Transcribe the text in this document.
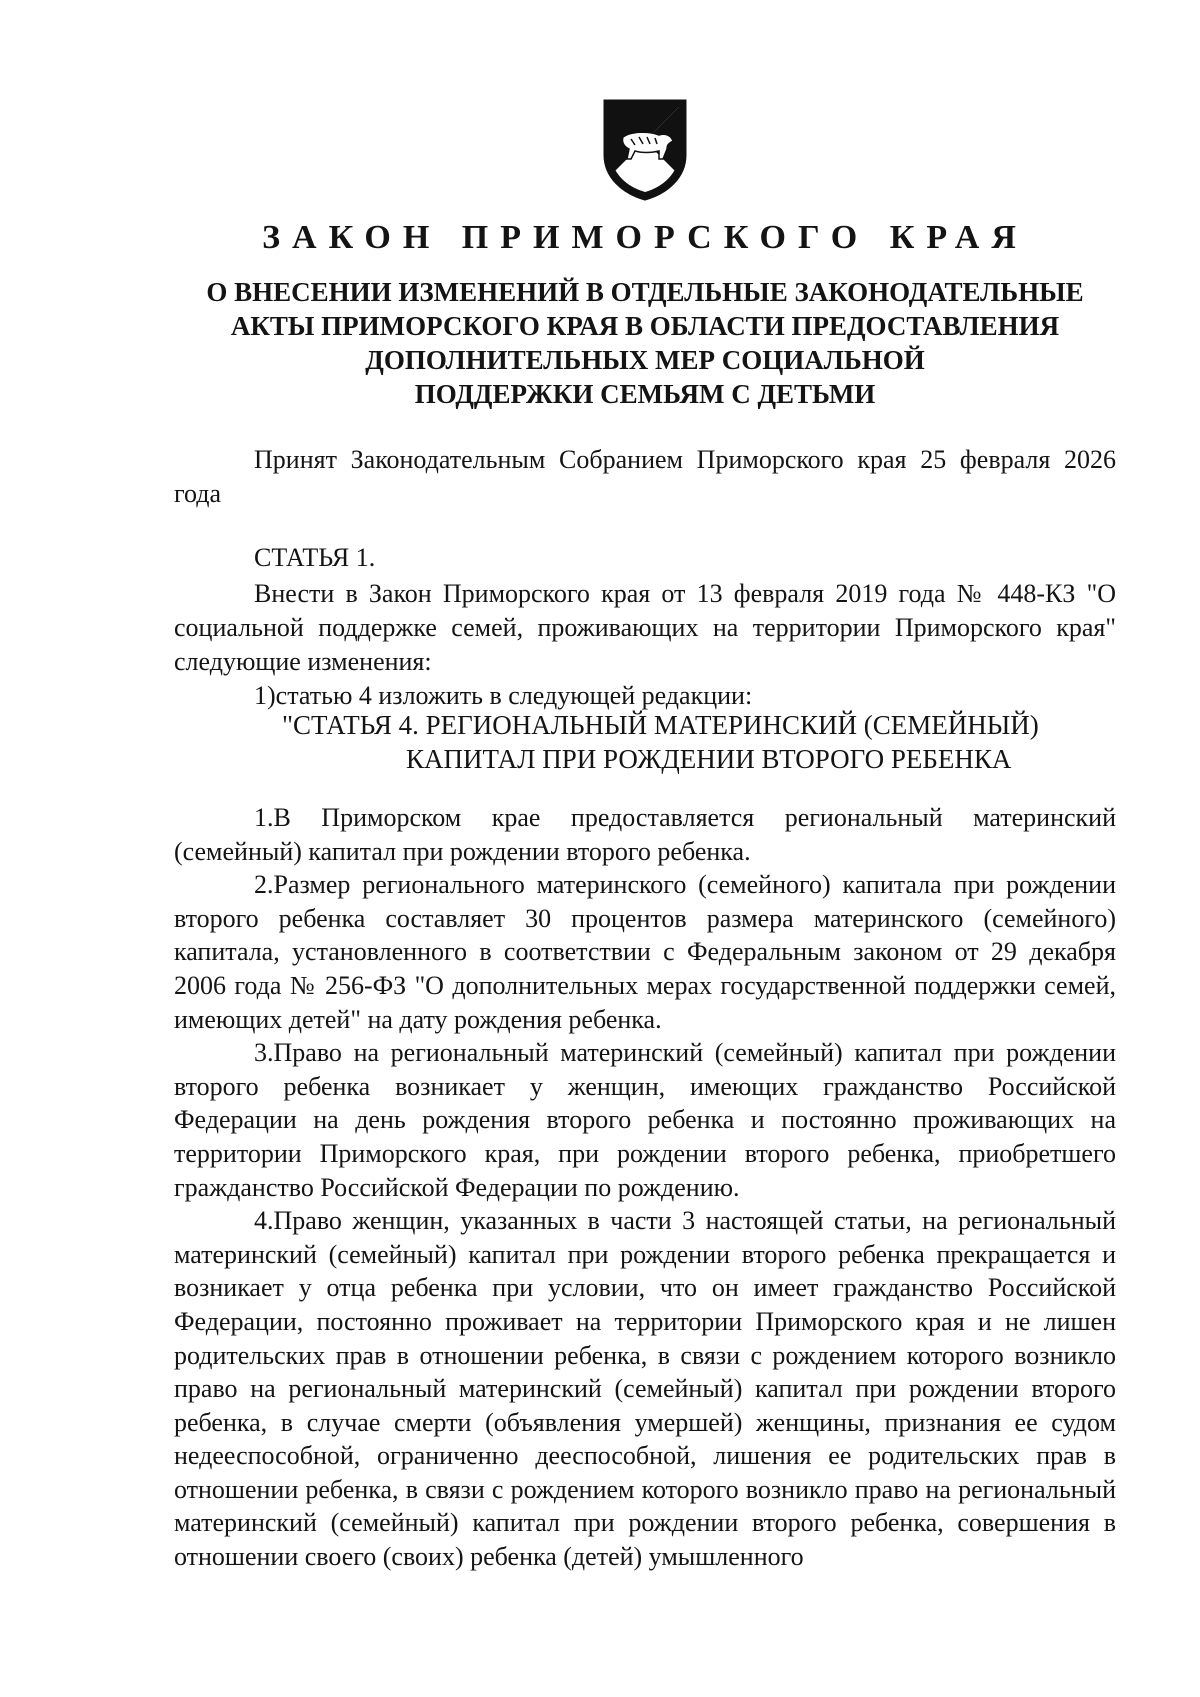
ЗАКОН ПРИМОРСКОГО КРАЯ
О ВНЕСЕНИИ ИЗМЕНЕНИЙ В ОТДЕЛЬНЫЕ ЗАКОНОДАТЕЛЬНЫЕ
АКТЫ ПРИМОРСКОГО КРАЯ В ОБЛАСТИ ПРЕДОСТАВЛЕНИЯ
ДОПОЛНИТЕЛЬНЫХ МЕР СОЦИАЛЬНОЙ
ПОДДЕРЖКИ СЕМЬЯМ С ДЕТЬМИ
Принят Законодательным Собранием Приморского края 25 февраля 2026 года
СТАТЬЯ 1.

Внести в Закон Приморского края от 13 февраля 2019 года № 448-КЗ "О социальной поддержке семей, проживающих на территории Приморского края" следующие изменения:

1)статью 4 изложить в следующей редакции:

"СТАТЬЯ 4. РЕГИОНАЛЬНЫЙ МАТЕРИНСКИЙ (СЕМЕЙНЫЙ)
КАПИТАЛ ПРИ РОЖДЕНИИ ВТОРОГО РЕБЕНКА

1.В Приморском крае предоставляется региональный материнский (семейный) капитал при рождении второго ребенка.

2.Размер регионального материнского (семейного) капитала при рождении второго ребенка составляет 30 процентов размера материнского (семейного) капитала, установленного в соответствии с Федеральным законом от 29 декабря 2006 года № 256-ФЗ "О дополнительных мерах государственной поддержки семей, имеющих детей" на дату рождения ребенка.

3.Право на региональный материнский (семейный) капитал при рождении второго ребенка возникает у женщин, имеющих гражданство Российской Федерации на день рождения второго ребенка и постоянно проживающих на территории Приморского края, при рождении второго ребенка, приобретшего гражданство Российской Федерации по рождению.

4.Право женщин, указанных в части 3 настоящей статьи, на региональный материнский (семейный) капитал при рождении второго ребенка прекращается и возникает у отца ребенка при условии, что он имеет гражданство Российской Федерации, постоянно проживает на территории Приморского края и не лишен родительских прав в отношении ребенка, в связи с рождением которого возникло право на региональный материнский (семейный) капитал при рождении второго ребенка, в случае смерти (объявления умершей) женщины, признания ее судом недееспособной, ограниченно дееспособной, лишения ее родительских прав в отношении ребенка, в связи с рождением которого возникло право на региональный материнский (семейный) капитал при рождении второго ребенка, совершения в отношении своего (своих) ребенка (детей) умышленного
